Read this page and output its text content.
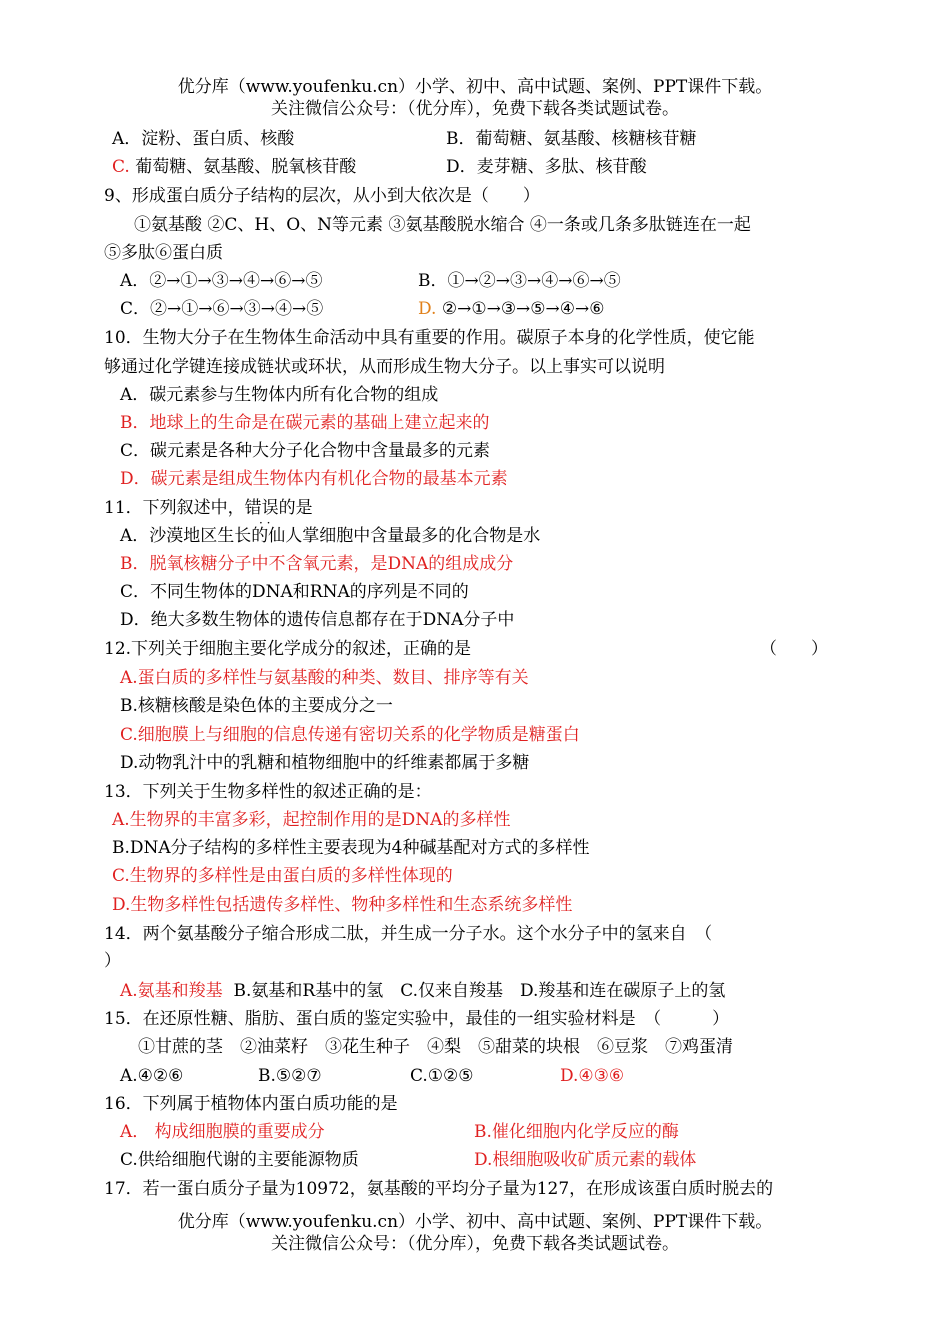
优分库（www.youfenku.cn）小学、初中、高中试题、案例、PPT课件下载。
关注微信公众号：（优分库），免费下载各类试题试卷。
A．淀粉、蛋白质、核酸	B．葡萄糖、氨基酸、核糖核苷糖
C. 葡萄糖、氨基酸、脱氧核苷酸	D．麦芽糖、多肽、核苷酸
9、形成蛋白质分子结构的层次，从小到大依次是（　　）
①氨基酸 ②C、H、O、N等元素 ③氨基酸脱水缩合 ④一条或几条多肽链连在一起
⑤多肽⑥蛋白质
A．②→①→③→④→⑥→⑤	B．①→②→③→④→⑥→⑤
C．②→①→⑥→③→④→⑤	D. ②→①→③→⑤→④→⑥
10．生物大分子在生物体生命活动中具有重要的作用。碳原子本身的化学性质，使它能
够通过化学键连接成链状或环状，从而形成生物大分子。以上事实可以说明
A．碳元素参与生物体内所有化合物的组成
B．地球上的生命是在碳元素的基础上建立起来的
C．碳元素是各种大分子化合物中含量最多的元素
D．碳元素是组成生物体内有机化合物的最基本元素
11．下列叙述中，错误的是
· ·
A．沙漠地区生长的仙人掌细胞中含量最多的化合物是水
B．脱氧核糖分子中不含氧元素，是DNA的组成成分
C．不同生物体的DNA和RNA的序列是不同的
D．绝大多数生物体的遗传信息都存在于DNA分子中
12.下列关于细胞主要化学成分的叙述，正确的是	（　　）
A.蛋白质的多样性与氨基酸的种类、数目、排序等有关
B.核糖核酸是染色体的主要成分之一
C.细胞膜上与细胞的信息传递有密切关系的化学物质是糖蛋白
D.动物乳汁中的乳糖和植物细胞中的纤维素都属于多糖
13．下列关于生物多样性的叙述正确的是：
A.生物界的丰富多彩，起控制作用的是DNA的多样性
B.DNA分子结构的多样性主要表现为4种碱基配对方式的多样性
C.生物界的多样性是由蛋白质的多样性体现的
D.生物多样性包括遗传多样性、物种多样性和生态系统多样性
14．两个氨基酸分子缩合形成二肽，并生成一分子水。这个水分子中的氢来自　（
）
A.氨基和羧基 B.氨基和R基中的氢　C.仅来自羧基　D.羧基和连在碳原子上的氢
15．在还原性糖、脂肪、蛋白质的鉴定实验中，最佳的一组实验材料是　（　　　）
①甘蔗的茎　②油菜籽　③花生种子　④梨　⑤甜菜的块根　⑥豆浆　⑦鸡蛋清
A.④②⑥	B.⑤②⑦	C.①②⑤	D.④③⑥
16．下列属于植物体内蛋白质功能的是
A． 构成细胞膜的重要成分	B.催化细胞内化学反应的酶
C.供给细胞代谢的主要能源物质	D.根细胞吸收矿质元素的载体
17．若一蛋白质分子量为10972，氨基酸的平均分子量为127，在形成该蛋白质时脱去的
优分库（www.youfenku.cn）小学、初中、高中试题、案例、PPT课件下载。
关注微信公众号：（优分库），免费下载各类试题试卷。
